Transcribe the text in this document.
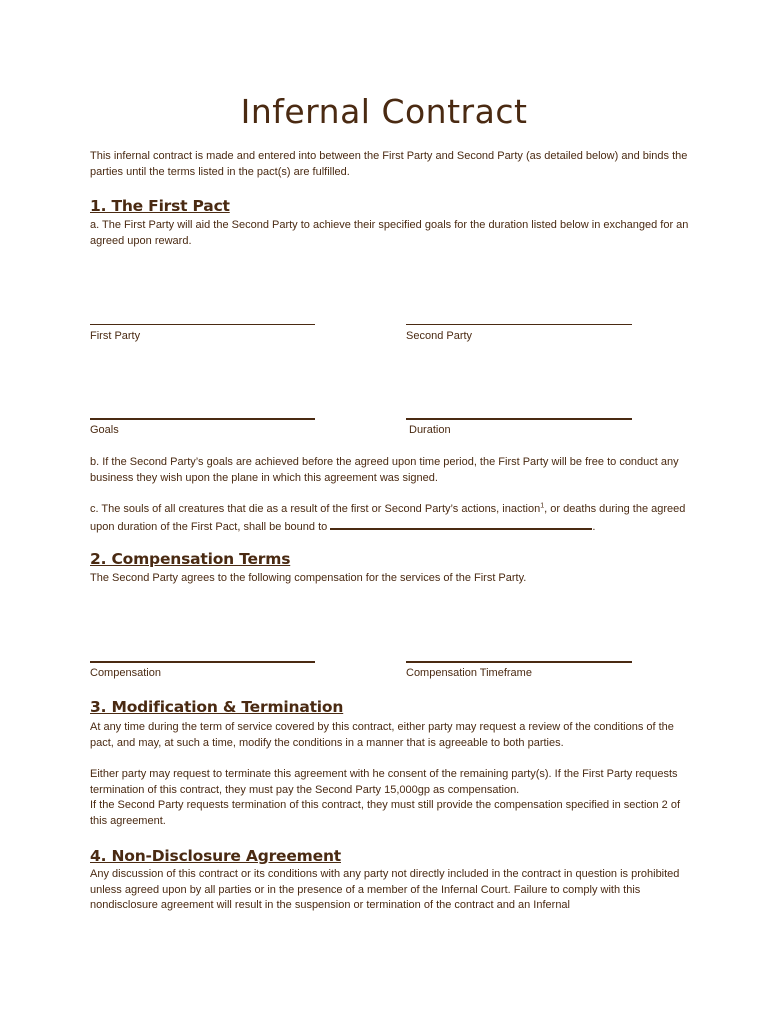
Infernal Contract
This infernal contract is made and entered into between the First Party and Second Party (as detailed below) and binds the parties until the terms listed in the pact(s) are fulfilled.
1. The First Pact
a. The First Party will aid the Second Party to achieve their specified goals for the duration listed below in exchanged for an agreed upon reward.
First Party	Second Party
Goals	Duration
b. If the Second Party’s goals are achieved before the agreed upon time period, the First Party will be free to conduct any business they wish upon the plane in which this agreement was signed.
c. The souls of all creatures that die as a result of the first or Second Party’s actions, inaction$^1$, or deaths during the agreed upon duration of the First Pact, shall be bound to	.
2. Compensation Terms
The Second Party agrees to the following compensation for the services of the First Party.
Compensation	Compensation Timeframe
3. Modification & Termination
At any time during the term of service covered by this contract, either party may request a review of the conditions of the pact, and may, at such a time, modify the conditions in a manner that is agreeable to both parties.
Either party may request to terminate this agreement with he consent of the remaining party(s). If the First Party requests termination of this contract, they must pay the Second Party 15,000gp as compensation.
If the Second Party requests termination of this contract, they must still provide the compensation specified in section 2 of this agreement.
4. Non-Disclosure Agreement
Any discussion of this contract or its conditions with any party not directly included in the contract in question is prohibited unless agreed upon by all parties or in the presence of a member of the Infernal Court. Failure to comply with this nondisclosure agreement will result in the suspension or termination of the contract and an Infernal
